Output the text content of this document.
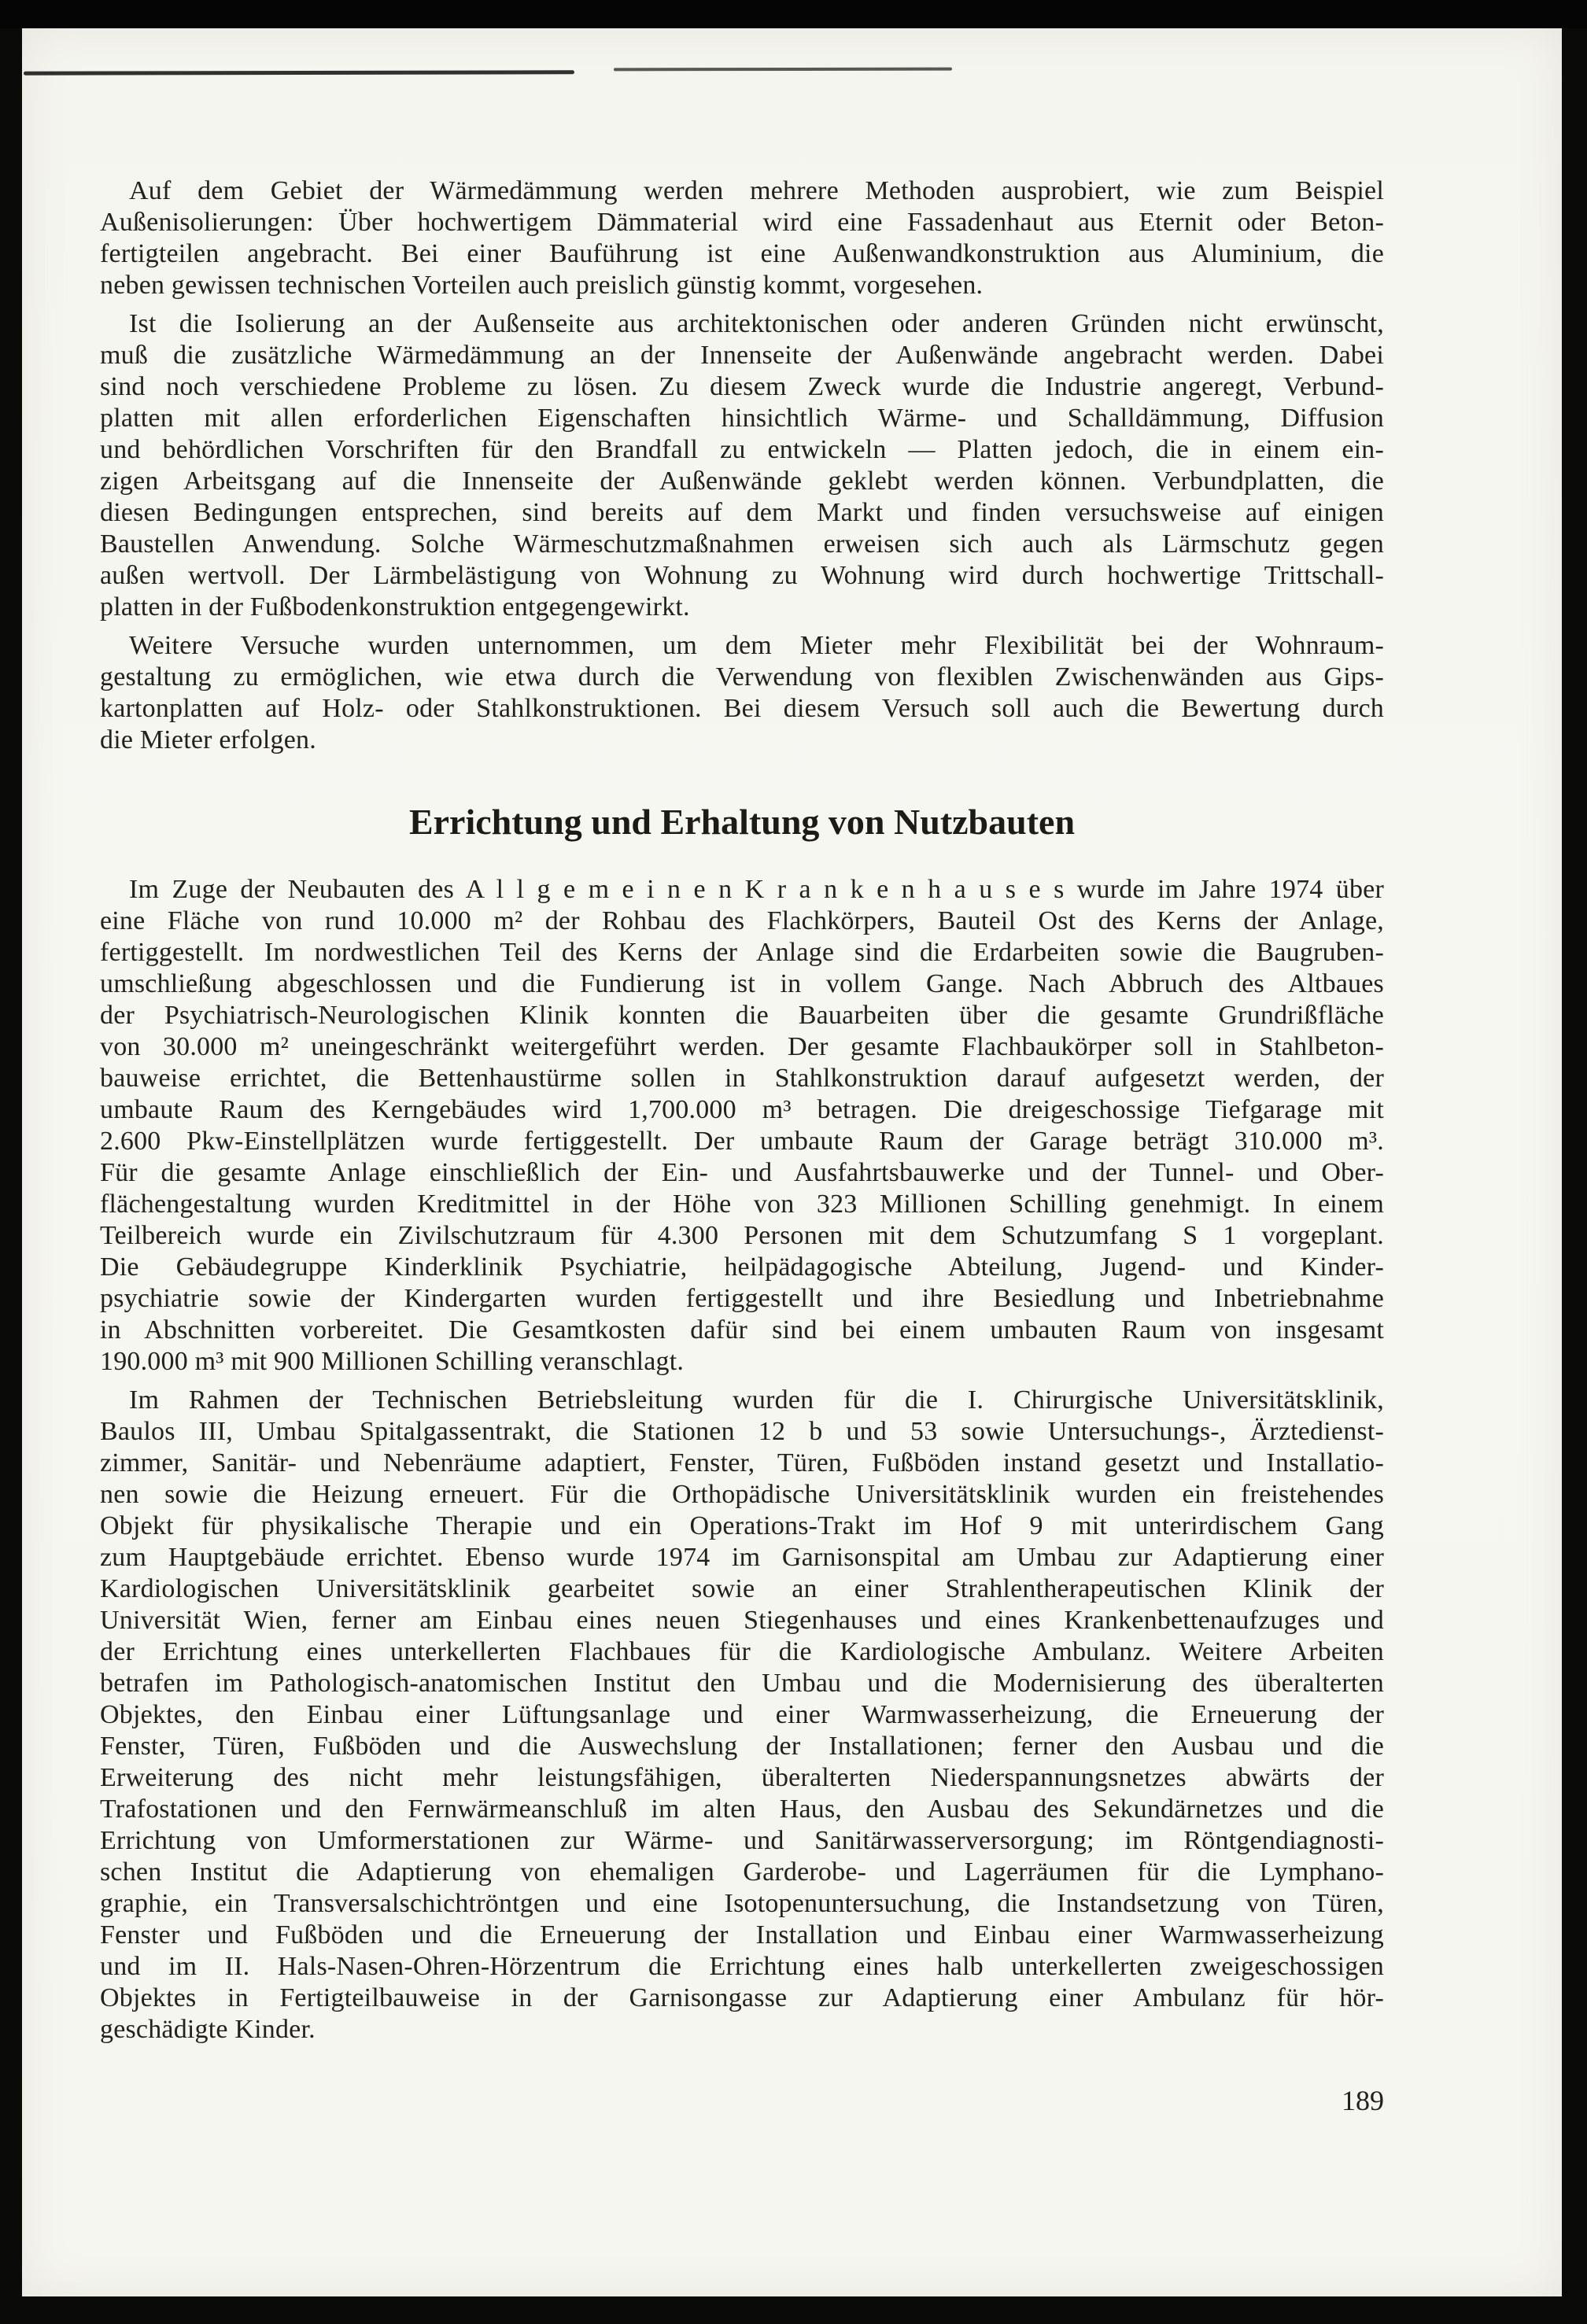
Auf dem Gebiet der Wärmedämmung werden mehrere Methoden ausprobiert, wie zum Beispiel
Außenisolierungen: Über hochwertigem Dämmaterial wird eine Fassadenhaut aus Eternit oder Beton-
fertigteilen angebracht. Bei einer Bauführung ist eine Außenwandkonstruktion aus Aluminium, die
neben gewissen technischen Vorteilen auch preislich günstig kommt, vorgesehen.

Ist die Isolierung an der Außenseite aus architektonischen oder anderen Gründen nicht erwünscht,
muß die zusätzliche Wärmedämmung an der Innenseite der Außenwände angebracht werden. Dabei
sind noch verschiedene Probleme zu lösen. Zu diesem Zweck wurde die Industrie angeregt, Verbund-
platten mit allen erforderlichen Eigenschaften hinsichtlich Wärme- und Schalldämmung, Diffusion
und behördlichen Vorschriften für den Brandfall zu entwickeln — Platten jedoch, die in einem ein-
zigen Arbeitsgang auf die Innenseite der Außenwände geklebt werden können. Verbundplatten, die
diesen Bedingungen entsprechen, sind bereits auf dem Markt und finden versuchsweise auf einigen
Baustellen Anwendung. Solche Wärmeschutzmaßnahmen erweisen sich auch als Lärmschutz gegen
außen wertvoll. Der Lärmbelästigung von Wohnung zu Wohnung wird durch hochwertige Trittschall-
platten in der Fußbodenkonstruktion entgegengewirkt.

Weitere Versuche wurden unternommen, um dem Mieter mehr Flexibilität bei der Wohnraum-
gestaltung zu ermöglichen, wie etwa durch die Verwendung von flexiblen Zwischenwänden aus Gips-
kartonplatten auf Holz- oder Stahlkonstruktionen. Bei diesem Versuch soll auch die Bewertung durch
die Mieter erfolgen.

Errichtung und Erhaltung von Nutzbauten

Im Zuge der Neubauten des A l l g e m e i n e n K r a n k e n h a u s e s wurde im Jahre 1974 über
eine Fläche von rund 10.000 m² der Rohbau des Flachkörpers, Bauteil Ost des Kerns der Anlage,
fertiggestellt. Im nordwestlichen Teil des Kerns der Anlage sind die Erdarbeiten sowie die Baugruben-
umschließung abgeschlossen und die Fundierung ist in vollem Gange. Nach Abbruch des Altbaues
der Psychiatrisch-Neurologischen Klinik konnten die Bauarbeiten über die gesamte Grundrißfläche
von 30.000 m² uneingeschränkt weitergeführt werden. Der gesamte Flachbaukörper soll in Stahlbeton-
bauweise errichtet, die Bettenhaustürme sollen in Stahlkonstruktion darauf aufgesetzt werden, der
umbaute Raum des Kerngebäudes wird 1,700.000 m³ betragen. Die dreigeschossige Tiefgarage mit
2.600 Pkw-Einstellplätzen wurde fertiggestellt. Der umbaute Raum der Garage beträgt 310.000 m³.
Für die gesamte Anlage einschließlich der Ein- und Ausfahrtsbauwerke und der Tunnel- und Ober-
flächengestaltung wurden Kreditmittel in der Höhe von 323 Millionen Schilling genehmigt. In einem
Teilbereich wurde ein Zivilschutzraum für 4.300 Personen mit dem Schutzumfang S 1 vorgeplant.
Die Gebäudegruppe Kinderklinik Psychiatrie, heilpädagogische Abteilung, Jugend- und Kinder-
psychiatrie sowie der Kindergarten wurden fertiggestellt und ihre Besiedlung und Inbetriebnahme
in Abschnitten vorbereitet. Die Gesamtkosten dafür sind bei einem umbauten Raum von insgesamt
190.000 m³ mit 900 Millionen Schilling veranschlagt.

Im Rahmen der Technischen Betriebsleitung wurden für die I. Chirurgische Universitätsklinik,
Baulos III, Umbau Spitalgassentrakt, die Stationen 12 b und 53 sowie Untersuchungs-, Ärztedienst-
zimmer, Sanitär- und Nebenräume adaptiert, Fenster, Türen, Fußböden instand gesetzt und Installatio-
nen sowie die Heizung erneuert. Für die Orthopädische Universitätsklinik wurden ein freistehendes
Objekt für physikalische Therapie und ein Operations-Trakt im Hof 9 mit unterirdischem Gang
zum Hauptgebäude errichtet. Ebenso wurde 1974 im Garnisonspital am Umbau zur Adaptierung einer
Kardiologischen Universitätsklinik gearbeitet sowie an einer Strahlentherapeutischen Klinik der
Universität Wien, ferner am Einbau eines neuen Stiegenhauses und eines Krankenbettenaufzuges und
der Errichtung eines unterkellerten Flachbaues für die Kardiologische Ambulanz. Weitere Arbeiten
betrafen im Pathologisch-anatomischen Institut den Umbau und die Modernisierung des überalterten
Objektes, den Einbau einer Lüftungsanlage und einer Warmwasserheizung, die Erneuerung der
Fenster, Türen, Fußböden und die Auswechslung der Installationen; ferner den Ausbau und die
Erweiterung des nicht mehr leistungsfähigen, überalterten Niederspannungsnetzes abwärts der
Trafostationen und den Fernwärmeanschluß im alten Haus, den Ausbau des Sekundärnetzes und die
Errichtung von Umformerstationen zur Wärme- und Sanitärwasserversorgung; im Röntgendiagnosti-
schen Institut die Adaptierung von ehemaligen Garderobe- und Lagerräumen für die Lymphano-
graphie, ein Transversalschichtröntgen und eine Isotopenuntersuchung, die Instandsetzung von Türen,
Fenster und Fußböden und die Erneuerung der Installation und Einbau einer Warmwasserheizung
und im II. Hals-Nasen-Ohren-Hörzentrum die Errichtung eines halb unterkellerten zweigeschossigen
Objektes in Fertigteilbauweise in der Garnisongasse zur Adaptierung einer Ambulanz für hör-
geschädigte Kinder.

189
